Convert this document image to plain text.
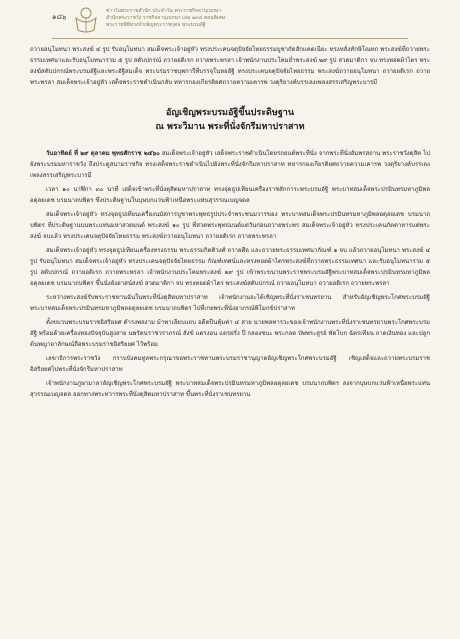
๑๘๖
ข่าวในพระราชสำนัก ประจำวัน พระราชกิจจานุเบกษา
สำนักพระราชวัง ราชกิจจานุเบกษา เล่ม ๑๓๔ ตอนพิเศษ
พระราชพิธีทรงบำเพ็ญพระราชกุศล พระบรมอัฐิ

ถวายอนุโมทนา พระสงฆ์ ๔ รูป รับอนุโมทนา สมเด็จพระเจ้าอยู่หัว ทรงประเคนจตุปัจจัยไทยธรรมบูชาถัดสักแคดเนียะ ทรงหลั่งทักษิโณทก พระสงฆ์ที่ถวายพระธรรมเทศนาและรับอนุโมทนารวม ๕ รูป สดับปกรณ์ ถวายอดิเรก ถวายพระพรลา เจ้าพนักงานประโคมย่ำพระสงฆ์ ๒๙ รูป สวดมาติกา จบ ทรงทอดผ้าไตร พระสงฆ์สดับปกรณ์พระบรมอัฐิและพระอัฐิสมเด็จ พระบรมราชบุพการีที่บรรจุในหออัฐิ ทรงประเคนจตุปัจจัยไทยธรรม พระสงฆ์ถวายอนุโมทนา ถวายอดิเรก ถวายพระพรลา สมเด็จพระเจ้าอยู่หัว เสด็จพระราชดำเนินกลับ ทหารกองเกียรติยศถวายความเคารพ วงดุริยางค์บรรเลงเพลงสรรเสริญพระบารมี

อัญเชิญพระบรมอัฐิขึ้นประดิษฐาน
ณ พระวิมาน พระที่นั่งจักรีมหาปราสาท

วันอาทิตย์ ที่ ๒๙ ตุลาคม พุทธศักราช ๒๕๖๐ สมเด็จพระเจ้าอยู่หัว เสด็จพระราชดำเนินโดยรถยนต์พระที่นั่ง จากพระที่นั่งอัมพรสถาน พระราชวังดุสิต ไปยังพระบรมมหาราชวัง ถึงประตูสนามราชกิจ ทรงเสด็จพระราชดำเนินไปยังพระที่นั่งจักรีมหาปราสาท ทหารกองเกียรติยศถวายความเคารพ วงดุริยางค์บรรเลงเพลงสรรเสริญพระบารมี

เวลา ๑๐ นาฬิกา ๓๐ นาที เสด็จเข้าพระที่นั่งดุสิตมหาปราสาท ทรงจุดธูปเทียนเครื่องราชสักการะพระบรมอัฐิ พระบาทสมเด็จพระปรมินทรมหาภูมิพลอดุลยเดช บรมนาถบพิตร ซึ่งประดิษฐานในบุษบกแว่นฟ้าเหนือพระแท่นสุวรรณเบญจดล

สมเด็จพระเจ้าอยู่หัว ทรงจุดธูปเทียนเครื่องนมัสการบูชาพระพุทธรูปประจำพระชนมวารของ พระบาทสมเด็จพระปรมินทรมหาภูมิพลอดุลยเดช บรมนาถบพิตร ที่ประดิษฐานบนพระแท่นมหาสวดมนต์ พระสงฆ์ ๑๐ รูป ที่สวดพระพุทธมนต์แต่วันก่อนถวายพระพร สมเด็จพระเจ้าอยู่หัว ทรงประเคนภัตตาหารแด่พระสงฆ์ จบแล้ว ทรงประเคนจตุปัจจัยไทยธรรม พระสงฆ์ถวายอนุโมทนา ถวายอดิเรก ถวายพระพรลา

สมเด็จพระเจ้าอยู่หัว ทรงจุดธูปเทียนเครื่องทรงธรรม พระธรรมกิตติวงศ์ ถวายศีล และถวายพระธรรมเทศนากัณฑ์ ๑ จบ แล้วถวายอนุโมทนา พระสงฆ์ ๔ รูป รับอนุโมทนา สมเด็จพระเจ้าอยู่หัว ทรงประเคนจตุปัจจัยไทยธรรม กัณฑ์เทศน์และทรงทอดผ้าไตรพระสงฆ์ที่ถวายพระธรรมเทศนา และรับอนุโมทนารวม ๕ รูป สดับปกรณ์ ถวายอดิเรก ถวายพระพรลา เจ้าพนักงานประโคมพระสงฆ์ ๒๙ รูป เข้าพระขนานพระราชพระบรมอัฐิพระบาทสมเด็จพระปรมินทรมหาภูมิพลอดุลยเดช บรมนาถบพิตร ขึ้นนั่งยังอาสน์สงฆ์ สวดมาติกา จบ ทรงทอดผ้าไตร พระสงฆ์สดับปกรณ์ ถวายอนุโมทนา ถวายอดิเรก ถวายพระพรลา

ระหว่างพระสงฆ์รับพระราชทานฉันในพระที่นั่งดุสิตมหาปราสาท เจ้าพนักงานจะได้เชิญพระที่นั่งราเชนทรยาน สำหรับอัญเชิญพระโกศพระบรมอัฐิพระบาทสมเด็จพระปรมินทรมหาภูมิพลอดุลยเดช บรมนาถบพิตร ไปที่เกยพระที่นั่งอาภรณ์พิโมกข์ปราสาท

ตั้งขบวนพระบรมราชอิสริยยศ ดำรงพลงาม ม้าพาเลียบแถบ อดีตปีนคุ้มค่า ๔ สาย นายพลทารวะของเจ้าพนักงานพระที่นั่งราเชนทรยานพระโกศพระบรมอัฐิ พร้อมด้วยเครื่องทองปัจจุบันสูงสาย นพรัตนราชวราภรณ์ สังข์ แตรงอน แตรฝรั่ง ปี่ กลองชนะ พระกลด บัพพระสูรย์ พัดโบก ฉัตรเทียน ถาดเงินทอง และปลูกต้นพญาอาลักษณ์ถือพระบรมราชอิสริยยศ ไว้พร้อม

เลขาธิการพระราชวัง กราบบังคมทูลพระกรุณาขอพระราชทานพระบรมราชานุญาตอัญเชิญพระโกศพระบรมอัฐิ เชิญเสด็จและถวายพระบรมราชอิสริยยศไปพระที่นั่งจักรีมหาปราสาท

เจ้าพนักงานภูษามาลาอัญเชิญพระโกศพระบรมอัฐิ พระบาทสมเด็จพระปรมินทรมหาภูมิพลอดุลยเดช บรมนาถบพิตร ลงจากบุษบกแว่นฟ้าเหนือพระแท่นสุวรรณเบญจดล ออกทางพระทวารพระที่นั่งดุสิตมหาปราสาท ขึ้นพระที่นั่งราเชนทรยาน
